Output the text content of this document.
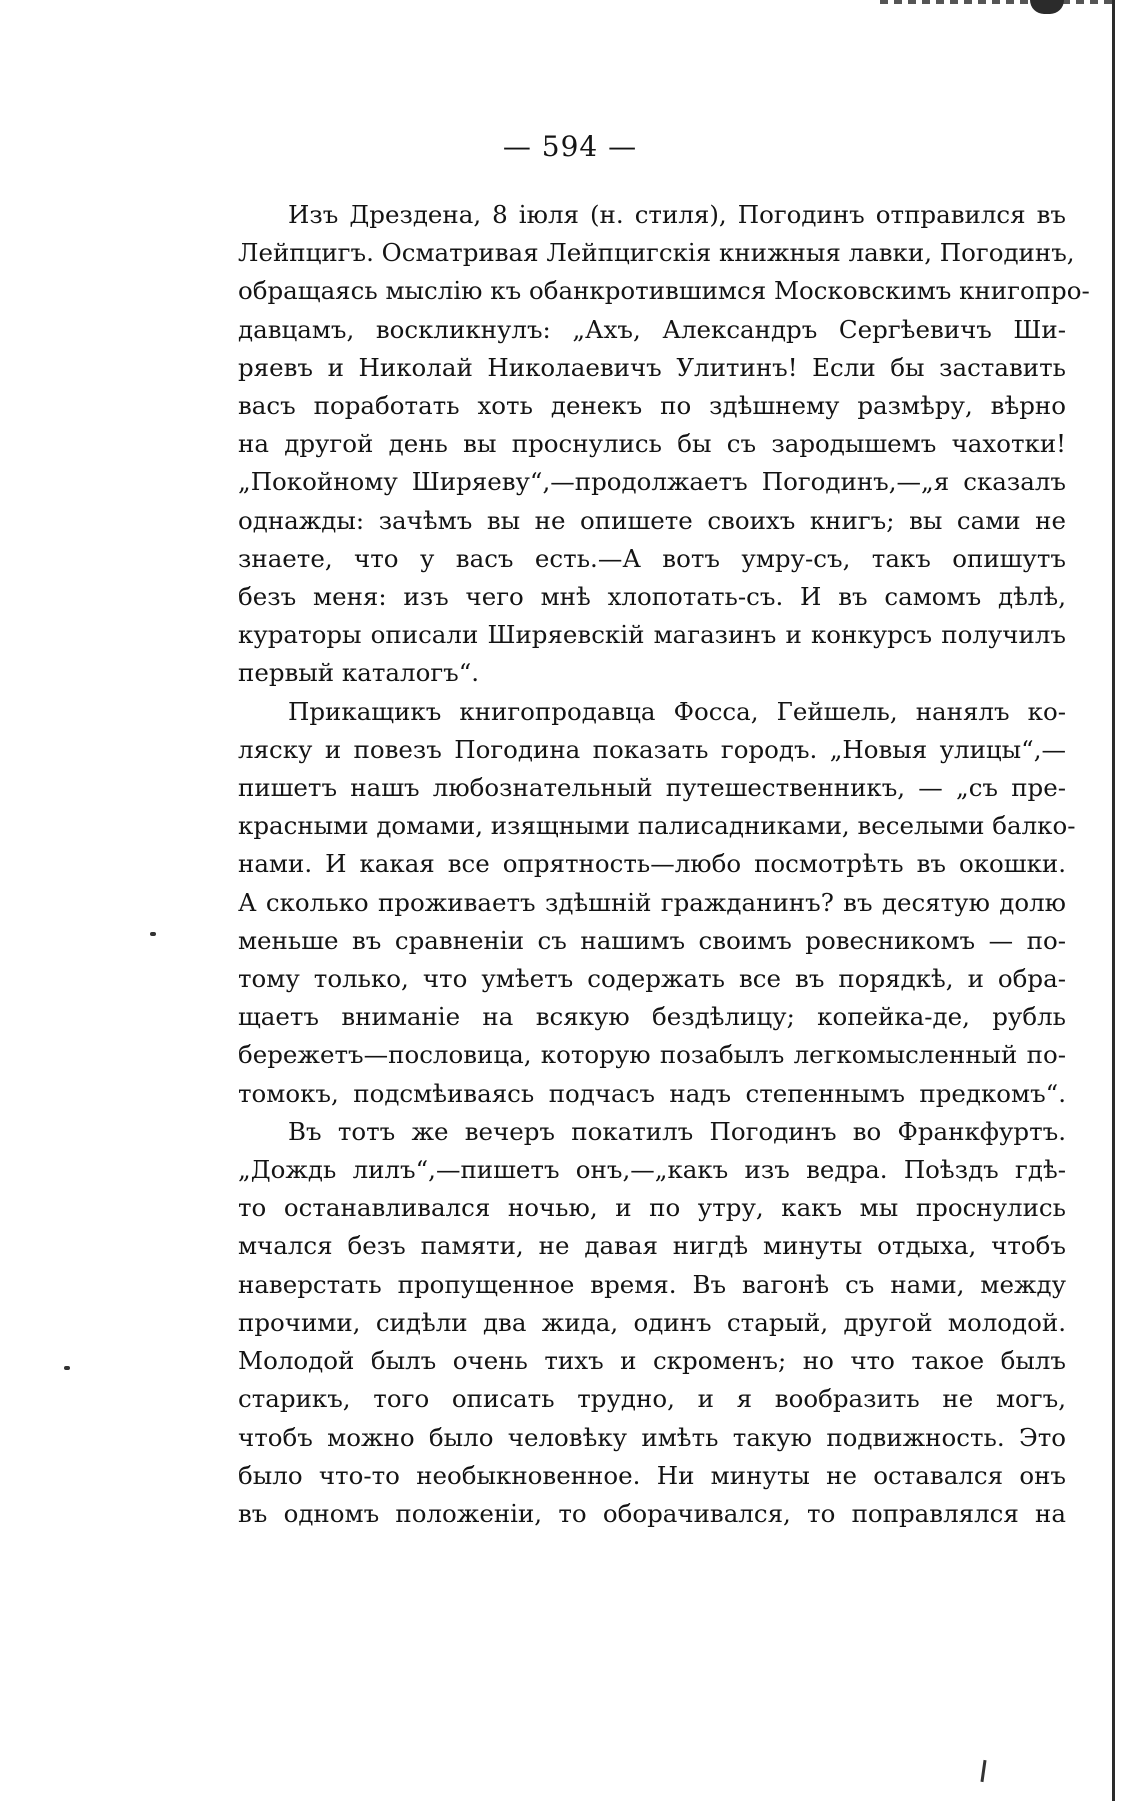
— 594 —
Изъ Дрездена, 8 іюля (н. стиля), Погодинъ отправился въ
Лейпцигъ. Осматривая Лейпцигскія книжныя лавки, Погодинъ,
обращаясь мыслію къ обанкротившимся Московскимъ книгопро-
давцамъ, воскликнулъ: „Ахъ, Александръ Сергѣевичъ Ши-
ряевъ и Николай Николаевичъ Улитинъ! Если бы заставить
васъ поработать хоть денекъ по здѣшнему размѣру, вѣрно
на другой день вы проснулись бы съ зародышемъ чахотки!
„Покойному Ширяеву“,—продолжаетъ Погодинъ,—„я сказалъ
однажды: зачѣмъ вы не опишете своихъ книгъ; вы сами не
знаете, что у васъ есть.—А вотъ умру-съ, такъ опишутъ
безъ меня: изъ чего мнѣ хлопотать-съ. И въ самомъ дѣлѣ,
кураторы описали Ширяевскій магазинъ и конкурсъ получилъ
первый каталогъ“.
Прикащикъ книгопродавца Фосса, Гейшель, нанялъ ко-
ляску и повезъ Погодина показать городъ. „Новыя улицы“,—
пишетъ нашъ любознательный путешественникъ, — „съ пре-
красными домами, изящными палисадниками, веселыми балко-
нами. И какая все опрятность—любо посмотрѣть въ окошки.
А сколько проживаетъ здѣшній гражданинъ? въ десятую долю
меньше въ сравненіи съ нашимъ своимъ ровесникомъ — по-
тому только, что умѣетъ содержать все въ порядкѣ, и обра-
щаетъ вниманіе на всякую бездѣлицу; копейка-де, рубль
бережетъ—пословица, которую позабылъ легкомысленный по-
томокъ, подсмѣиваясь подчасъ надъ степеннымъ предкомъ“.
Въ тотъ же вечеръ покатилъ Погодинъ во Франкфуртъ.
„Дождь лилъ“,—пишетъ онъ,—„какъ изъ ведра. Поѣздъ гдѣ-
то останавливался ночью, и по утру, какъ мы проснулись
мчался безъ памяти, не давая нигдѣ минуты отдыха, чтобъ
наверстать пропущенное время. Въ вагонѣ съ нами, между
прочими, сидѣли два жида, одинъ старый, другой молодой.
Молодой былъ очень тихъ и скроменъ; но что такое былъ
старикъ, того описать трудно, и я вообразить не могъ,
чтобъ можно было человѣку имѣть такую подвижность. Это
было что-то необыкновенное. Ни минуты не оставался онъ
въ одномъ положеніи, то оборачивался, то поправлялся на
